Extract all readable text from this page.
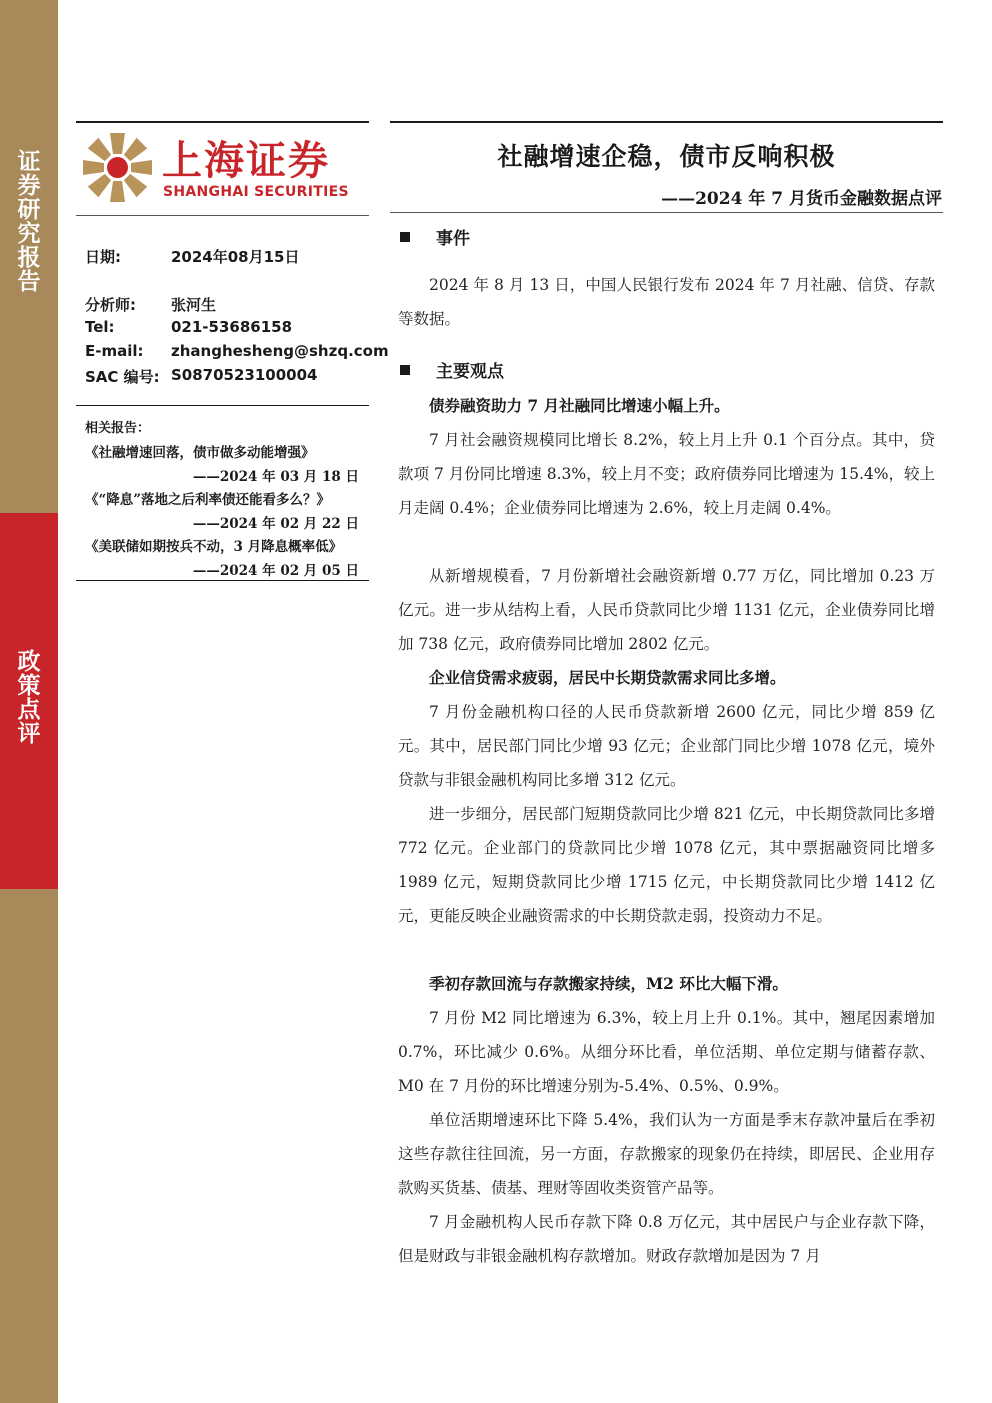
证
券
研
究
报
告
政
策
点
评
上海证券
SHANGHAI SECURITIES
社融增速企稳，债市反响积极
——2024 年 7 月货币金融数据点评
日期:	2024年08月15日
分析师: 张河生
Tel:	021-53686158
E-mail: zhanghesheng@shzq.com
SAC 编号: S0870523100004
相关报告：
《社融增速回落，债市做多动能增强》
——2024 年 03 月 18 日
《“降息”落地之后利率债还能看多么？》
——2024 年 02 月 22 日
《美联储如期按兵不动，3 月降息概率低》
——2024 年 02 月 05 日
事件
2024 年 8 月 13 日，中国人民银行发布 2024 年 7 月社融、信贷、存款等数据。
主要观点
债券融资助力 7 月社融同比增速小幅上升。
7 月社会融资规模同比增长 8.2%，较上月上升 0.1 个百分点。其中，贷款项 7 月份同比增速 8.3%，较上月不变；政府债券同比增速为 15.4%，较上月走阔 0.4%；企业债券同比增速为 2.6%，较上月走阔 0.4%。
从新增规模看，7 月份新增社会融资新增 0.77 万亿，同比增加 0.23 万亿元。进一步从结构上看，人民币贷款同比少增 1131 亿元，企业债券同比增加 738 亿元，政府债券同比增加 2802 亿元。
企业信贷需求疲弱，居民中长期贷款需求同比多增。
7 月份金融机构口径的人民币贷款新增 2600 亿元，同比少增 859 亿元。其中，居民部门同比少增 93 亿元；企业部门同比少增 1078 亿元，境外贷款与非银金融机构同比多增 312 亿元。
进一步细分，居民部门短期贷款同比少增 821 亿元，中长期贷款同比多增 772 亿元。企业部门的贷款同比少增 1078 亿元，其中票据融资同比增多 1989 亿元，短期贷款同比少增 1715 亿元，中长期贷款同比少增 1412 亿元，更能反映企业融资需求的中长期贷款走弱，投资动力不足。
季初存款回流与存款搬家持续，M2 环比大幅下滑。
7 月份 M2 同比增速为 6.3%，较上月上升 0.1%。其中，翘尾因素增加 0.7%，环比减少 0.6%。从细分环比看，单位活期、单位定期与储蓄存款、M0 在 7 月份的环比增速分别为-5.4%、0.5%、0.9%。
单位活期增速环比下降 5.4%，我们认为一方面是季末存款冲量后在季初这些存款往往回流，另一方面，存款搬家的现象仍在持续，即居民、企业用存款购买货基、债基、理财等固收类资管产品等。
7 月金融机构人民币存款下降 0.8 万亿元，其中居民户与企业存款下降，但是财政与非银金融机构存款增加。财政存款增加是因为 7 月
